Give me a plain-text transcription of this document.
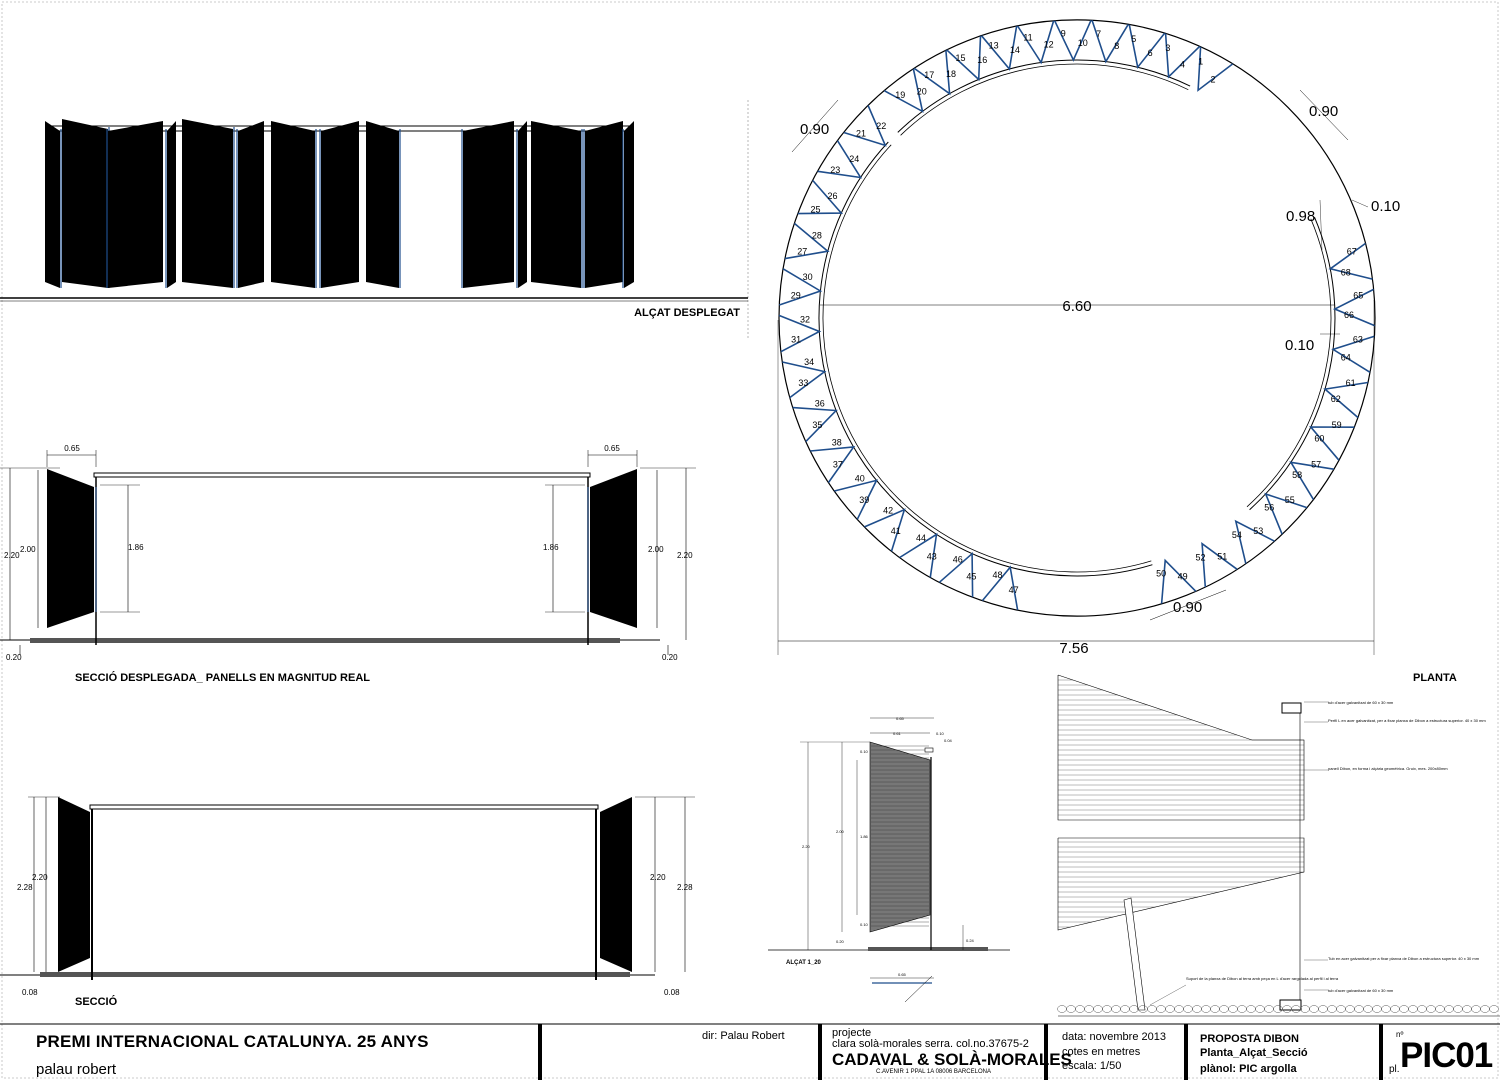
ALÇAT DESPLEGAT
0.65	0.65
2.20
2.00	1.86
0.20
1.86	2.00
2.20
0.20
SECCIÓ DESPLEGADA_ PANELLS EN MAGNITUD REAL
2.20
2.28
2.20
2.28
0.08	0.08
SECCIÓ
1
2
3
4
5
6
7
8
9
10
11
12
13 14
15 16
17 18
19 20
21
22
23
24
25
26
27
28
29
30
31
32
33
34
35
36
37
38
39
40
41
42
43
44
45
46
47
48	49
50
51
52
53
54
55
56
57
58
59
60
61
62
63
64
65
66
67
68
6.60
7.56
0.90
0.90
0.90
0.98
0.10
0.10
PLANTA
0.65
0.61	0.10
0.04
2.20
2.00
1.86
0.10
0.10
0.20	0.24
0.65
ALÇAT 1_20
tub d'acer galvanitzat de 60 x 30 mm
Perfil L en acer galvanitzat, per a fixar planxa de Dibon a estructura superior. 40 x 30 mm
panell Dibon, en forma i alçària geomètrica. Gruix, mes. 200x80mm
Tub en acer galvanitzat per a fixar planxa de Dibon a estructura superior. 40 x 30 mm
tub d'acer galvanitzat de 60 x 30 mm
Suport de la planxa de Dibon al terra amb peça en L d'acer rargolada al perfil i al terra
PREMI INTERNACIONAL CATALUNYA. 25 ANYS
palau robert
dir: Palau Robert	projecte
clara solà-morales serra. col.no.37675-2
CADAVAL & SOLÀ-MORALES
C.AVENIR 1 PPAL 1A 08006 BARCELONA
data: novembre 2013
cotes en metres
escala: 1/50
PROPOSTA DIBON
Planta_Alçat_Secció
plànol: PIC argolla
nº
pl. PIC01
